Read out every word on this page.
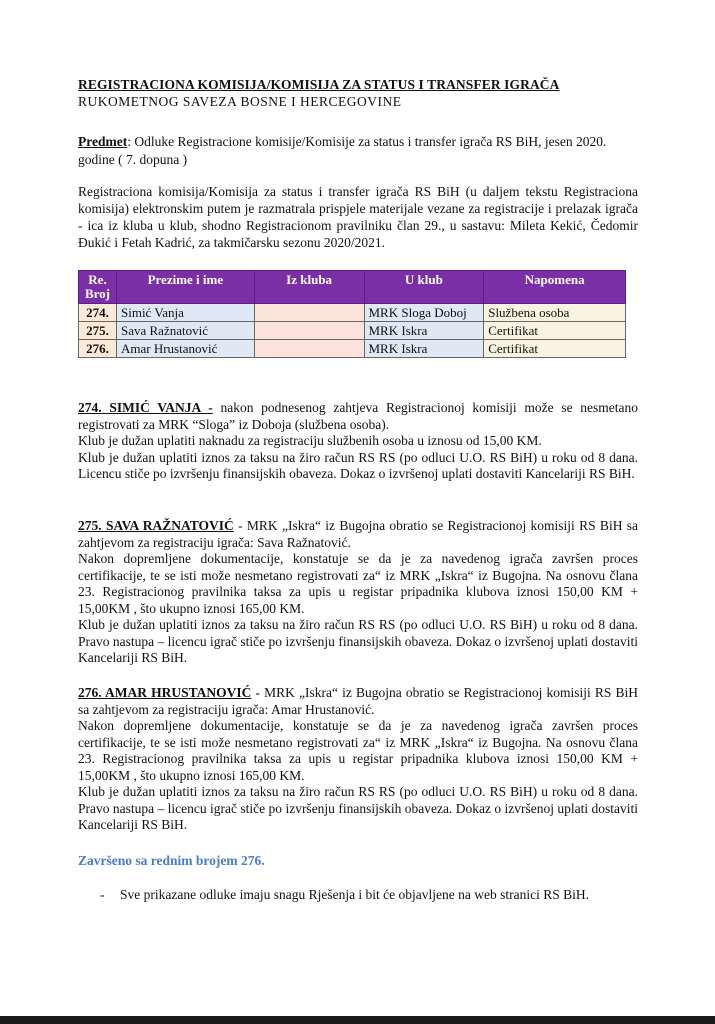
REGISTRACIONA KOMISIJA/KOMISIJA ZA STATUS I TRANSFER IGRAČA
RUKOMETNOG SAVEZA BOSNE I HERCEGOVINE
Predmet: Odluke Registracione komisije/Komisije za status i transfer igrača RS BiH, jesen 2020. godine ( 7. dopuna )
Registraciona komisija/Komisija za status i transfer igrača RS BiH (u daljem tekstu Registraciona komisija) elektronskim putem je razmatrala prispjele materijale vezane za registracije i prelazak igrača - ica iz kluba u klub, shodno Registracionom pravilniku član 29., u sastavu: Mileta Kekić, Čedomir Đukić i Fetah Kadrić, za takmičarsku sezonu 2020/2021.
Re. Broj	Prezime i ime	Iz kluba	U klub	Napomena
274.	Simić Vanja		MRK Sloga Doboj	Službena osoba
275.	Sava Ražnatović		MRK Iskra	Certifikat
276.	Amar Hrustanović		MRK Iskra	Certifikat

274. SIMIĆ VANJA - nakon podnesenog zahtjeva Registracionoj komisiji može se nesmetano registrovati za MRK “Sloga” iz Doboja (službena osoba).

Klub je dužan uplatiti naknadu za registraciju službenih osoba u iznosu od 15,00 KM.

Klub je dužan uplatiti iznos za taksu na žiro račun RS RS (po odluci U.O. RS BiH) u roku od 8 dana. Licencu stiče po izvršenju finansijskih obaveza. Dokaz o izvršenoj uplati dostaviti Kancelariji RS BiH.

275. SAVA RAŽNATOVIĆ - MRK „Iskra“ iz Bugojna obratio se Registracionoj komisiji RS BiH sa zahtjevom za registraciju igrača: Sava Ražnatović.

Nakon dopremljene dokumentacije, konstatuje se da je za navedenog igrača završen proces certifikacije, te se isti može nesmetano registrovati za“ iz MRK „Iskra“ iz Bugojna. Na osnovu člana 23. Registracionog pravilnika taksa za upis u registar pripadnika klubova iznosi 150,00 KM + 15,00KM , što ukupno iznosi 165,00 KM.

Klub je dužan uplatiti iznos za taksu na žiro račun RS RS (po odluci U.O. RS BiH) u roku od 8 dana. Pravo nastupa – licencu igrač stiče po izvršenju finansijskih obaveza. Dokaz o izvršenoj uplati dostaviti Kancelariji RS BiH.

276. AMAR HRUSTANOVIĆ - MRK „Iskra“ iz Bugojna obratio se Registracionoj komisiji RS BiH sa zahtjevom za registraciju igrača: Amar Hrustanović.

Nakon dopremljene dokumentacije, konstatuje se da je za navedenog igrača završen proces certifikacije, te se isti može nesmetano registrovati za“ iz MRK „Iskra“ iz Bugojna. Na osnovu člana 23. Registracionog pravilnika taksa za upis u registar pripadnika klubova iznosi 150,00 KM + 15,00KM , što ukupno iznosi 165,00 KM.

Klub je dužan uplatiti iznos za taksu na žiro račun RS RS (po odluci U.O. RS BiH) u roku od 8 dana. Pravo nastupa – licencu igrač stiče po izvršenju finansijskih obaveza. Dokaz o izvršenoj uplati dostaviti Kancelariji RS BiH.

Završeno sa rednim brojem 276.
- Sve prikazane odluke imaju snagu Rješenja i bit će objavljene na web stranici RS BiH.
